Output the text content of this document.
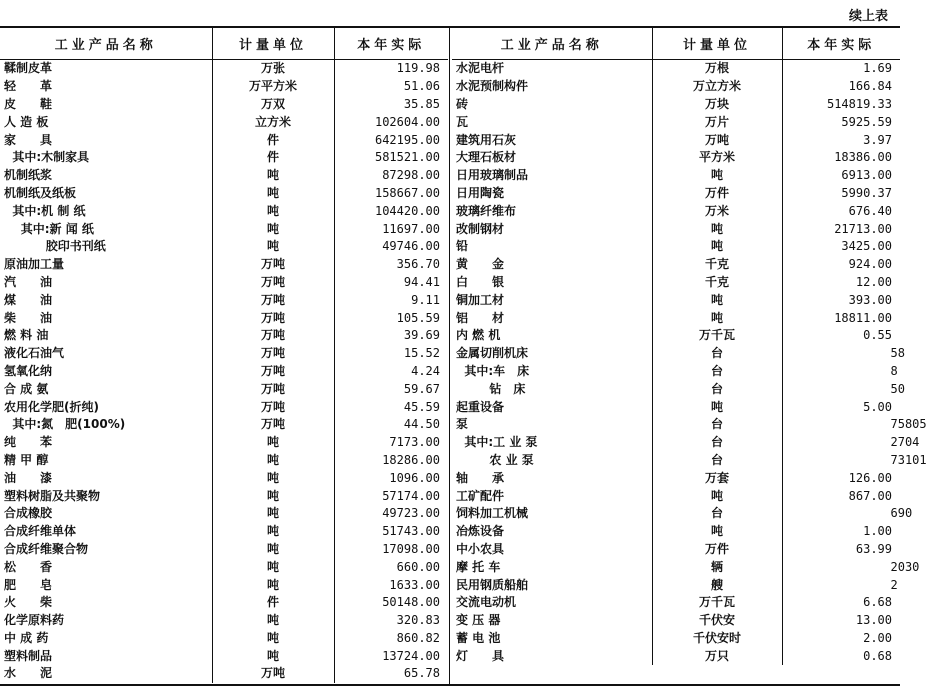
续上表
工业产品名称	计量单位	本年实际
鞣制皮革	万张	119.98
轻　　革	万平方米	51.06
皮　　鞋	万双	35.85
人 造 板	立方米	102604.00
家　　具	件	642195.00
其中:木制家具	件	581521.00
机制纸浆	吨	87298.00
机制纸及纸板	吨	158667.00
其中:机 制 纸	吨	104420.00
其中:新 闻 纸	吨	11697.00
胶印书刊纸	吨	49746.00
原油加工量	万吨	356.70
汽　　油	万吨	94.41
煤　　油	万吨	9.11
柴　　油	万吨	105.59
燃 料 油	万吨	39.69
液化石油气	万吨	15.52
氢氧化纳	万吨	4.24
合 成 氨	万吨	59.67
农用化学肥(折纯)	万吨	45.59
其中:氮　肥(100%)	万吨	44.50
纯　　苯	吨	7173.00
精 甲 醇	吨	18286.00
油　　漆	吨	1096.00
塑料树脂及共聚物	吨	57174.00
合成橡胶	吨	49723.00
合成纤维单体	吨	51743.00
合成纤维聚合物	吨	17098.00
松　　香	吨	660.00
肥　　皂	吨	1633.00
火　　柴	件	50148.00
化学原料药	吨	320.83
中 成 药	吨	860.82
塑料制品	吨	13724.00
水　　泥	万吨	65.78
工业产品名称	计量单位	本年实际
水泥电杆	万根	1.69
水泥预制构件	万立方米	166.84
砖	万块	514819.33
瓦	万片	5925.59
建筑用石灰	万吨	3.97
大理石板材	平方米	18386.00
日用玻璃制品	吨	6913.00
日用陶瓷	万件	5990.37
玻璃纤维布	万米	676.40
改制钢材	吨	21713.00
铅	吨	3425.00
黄　　金	千克	924.00
白　　银	千克	12.00
铜加工材	吨	393.00
铝　　材	吨	18811.00
内 燃 机	万千瓦	0.55
金属切削机床	台	58
其中:车　床	台	8
钻　床	台	50
起重设备	吨	5.00
泵	台	75805
其中:工 业 泵	台	2704
农 业 泵	台	73101
轴　　承	万套	126.00
工矿配件	吨	867.00
饲料加工机械	台	690
冶炼设备	吨	1.00
中小农具	万件	63.99
摩 托 车	辆	2030
民用钢质船舶	艘	2
交流电动机	万千瓦	6.68
变 压 器	千伏安	13.00
蓄 电 池	千伏安时	2.00
灯　　具	万只	0.68
